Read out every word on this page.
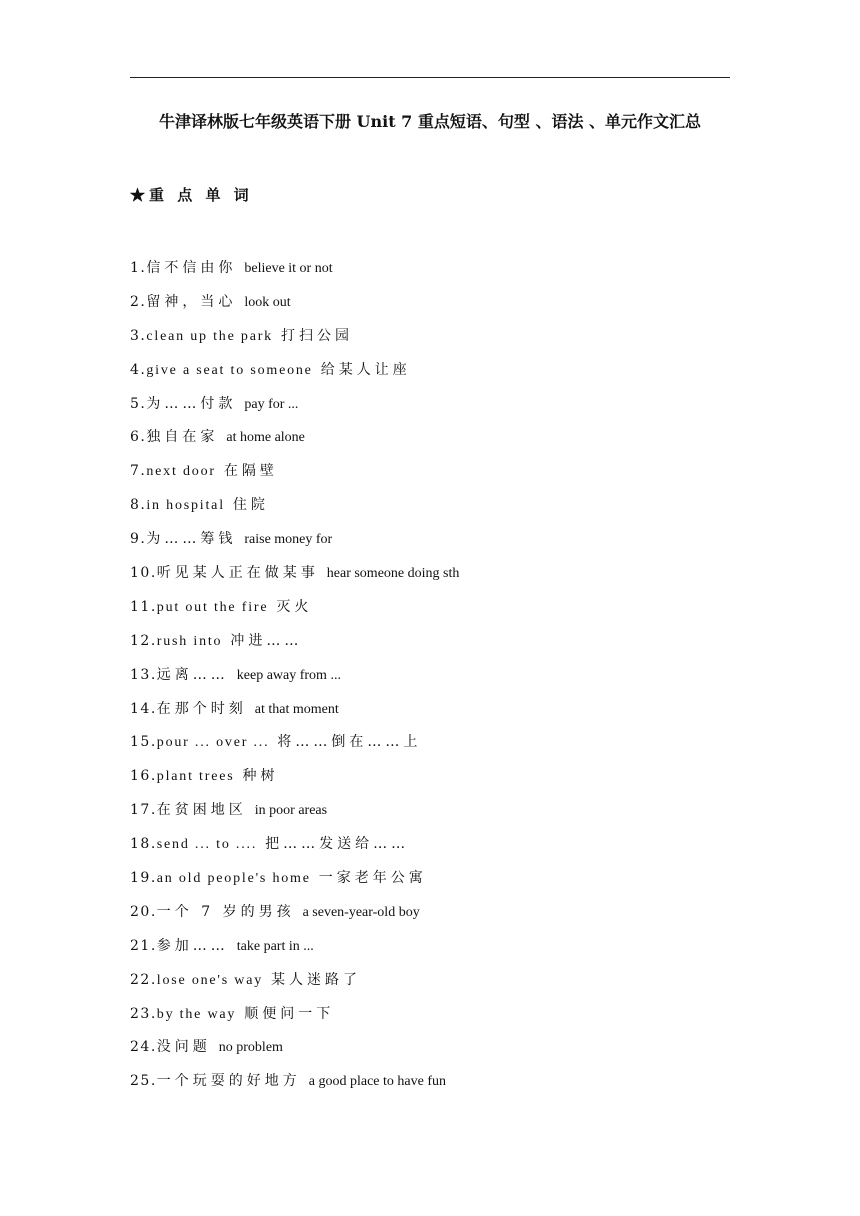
牛津译林版七年级英语下册 Unit 7 重点短语、句型 、语法 、单元作文汇总
★重 点 单 词
1.信不信由你 believe it or not
2.留神，当心 look out
3.clean up the park 打扫公园
4.give a seat to someone 给某人让座
5.为……付款 pay for ...
6.独自在家 at home alone
7.next door 在隔壁
8.in hospital 住院
9.为……筹钱 raise money for
10.听见某人正在做某事 hear someone doing sth
11.put out the fire 灭火
12.rush into 冲进……
13.远离…… keep away from ...
14.在那个时刻 at that moment
15.pour ... over ... 将……倒在……上
16.plant trees 种树
17.在贫困地区 in poor areas
18.send ... to .... 把……发送给……
19.an old people's home 一家老年公寓
20.一个 7 岁的男孩 a seven-year-old boy
21.参加…… take part in ...
22.lose one's way 某人迷路了
23.by the way 顺便问一下
24.没问题 no problem
25.一个玩耍的好地方 a good place to have fun
